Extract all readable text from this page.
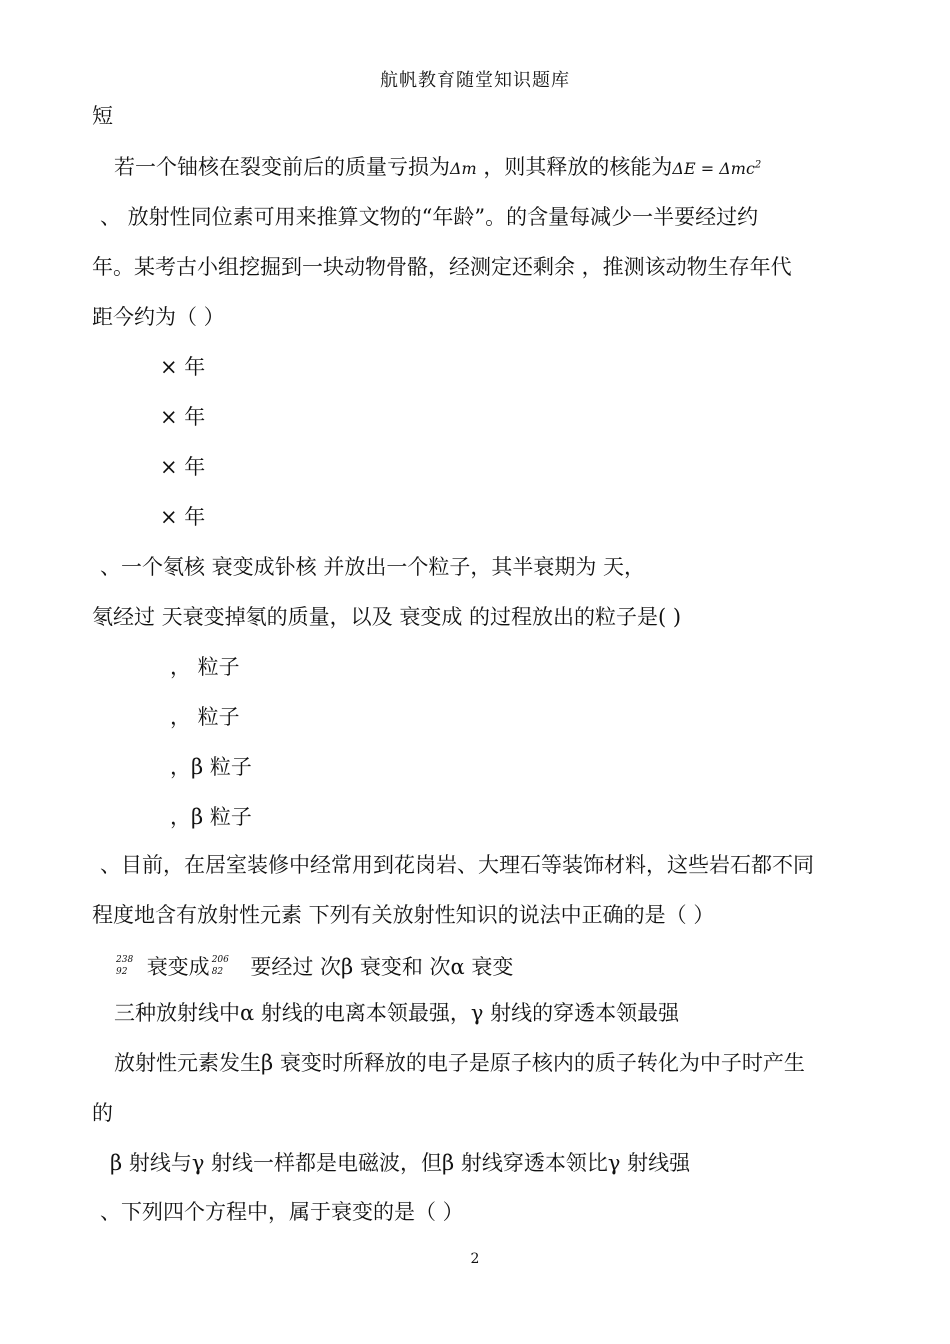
航帆教育随堂知识题库
短
若一个铀核在裂变前后的质量亏损为Δm ，则其释放的核能为ΔE = Δmc$^2$
、 放射性同位素可用来推算文物的“年龄”。的含量每减少一半要经过约
年。某考古小组挖掘到一块动物骨骼，经测定还剩余 ，推测该动物生存年代
距今约为（ ）
× 年
× 年
× 年
× 年
、一个氡核 衰变成钋核 并放出一个粒子，其半衰期为 天，
氡经过 天衰变掉氡的质量，以及 衰变成 的过程放出的粒子是( )
， 粒子
， 粒子
，β 粒子
，β 粒子
、目前，在居室装修中经常用到花岗岩、大理石等装饰材料，这些岩石都不同
程度地含有放射性元素 下列有关放射性知识的说法中正确的是（ ）
238
92 衰变成 206
82 要经过 次β 衰变和 次α 衰变
三种放射线中α 射线的电离本领最强，γ 射线的穿透本领最强
放射性元素发生β 衰变时所释放的电子是原子核内的质子转化为中子时产生
的
β 射线与γ 射线一样都是电磁波，但β 射线穿透本领比γ 射线强
、下列四个方程中，属于衰变的是（ ）
2
